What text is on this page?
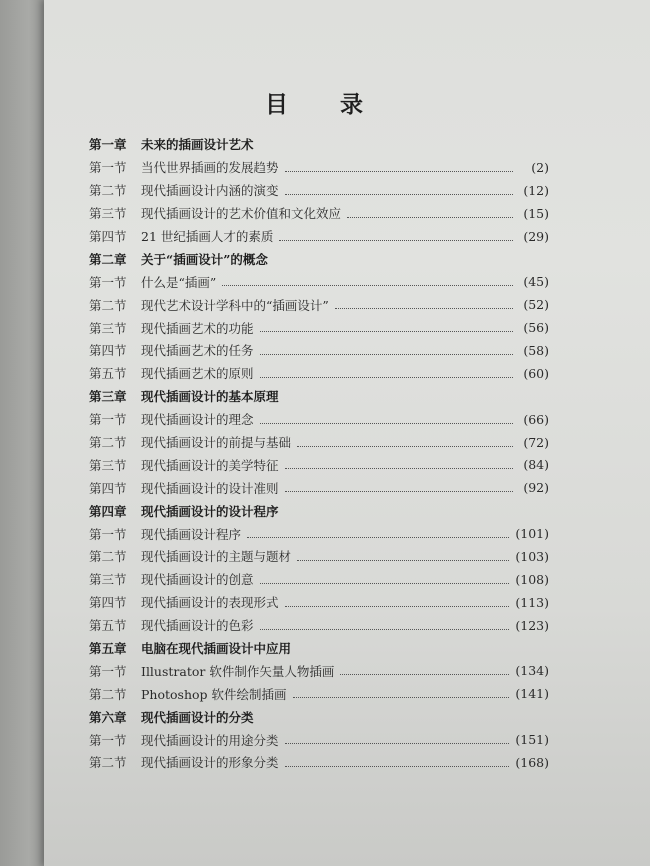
目 录
第一章	未来的插画设计艺术
第一节	当代世界插画的发展趋势	(2)
第二节	现代插画设计内涵的演变	(12)
第三节	现代插画设计的艺术价值和文化效应	(15)
第四节	21 世纪插画人才的素质	(29)
第二章	关于“插画设计”的概念
第一节	什么是“插画”	(45)
第二节	现代艺术设计学科中的“插画设计”	(52)
第三节	现代插画艺术的功能	(56)
第四节	现代插画艺术的任务	(58)
第五节	现代插画艺术的原则	(60)
第三章	现代插画设计的基本原理
第一节	现代插画设计的理念	(66)
第二节	现代插画设计的前提与基础	(72)
第三节	现代插画设计的美学特征	(84)
第四节	现代插画设计的设计准则	(92)
第四章	现代插画设计的设计程序
第一节	现代插画设计程序	(101)
第二节	现代插画设计的主题与题材	(103)
第三节	现代插画设计的创意	(108)
第四节	现代插画设计的表现形式	(113)
第五节	现代插画设计的色彩	(123)
第五章	电脑在现代插画设计中应用
第一节	Illustrator 软件制作矢量人物插画	(134)
第二节	Photoshop 软件绘制插画	(141)
第六章	现代插画设计的分类
第一节	现代插画设计的用途分类	(151)
第二节	现代插画设计的形象分类	(168)
